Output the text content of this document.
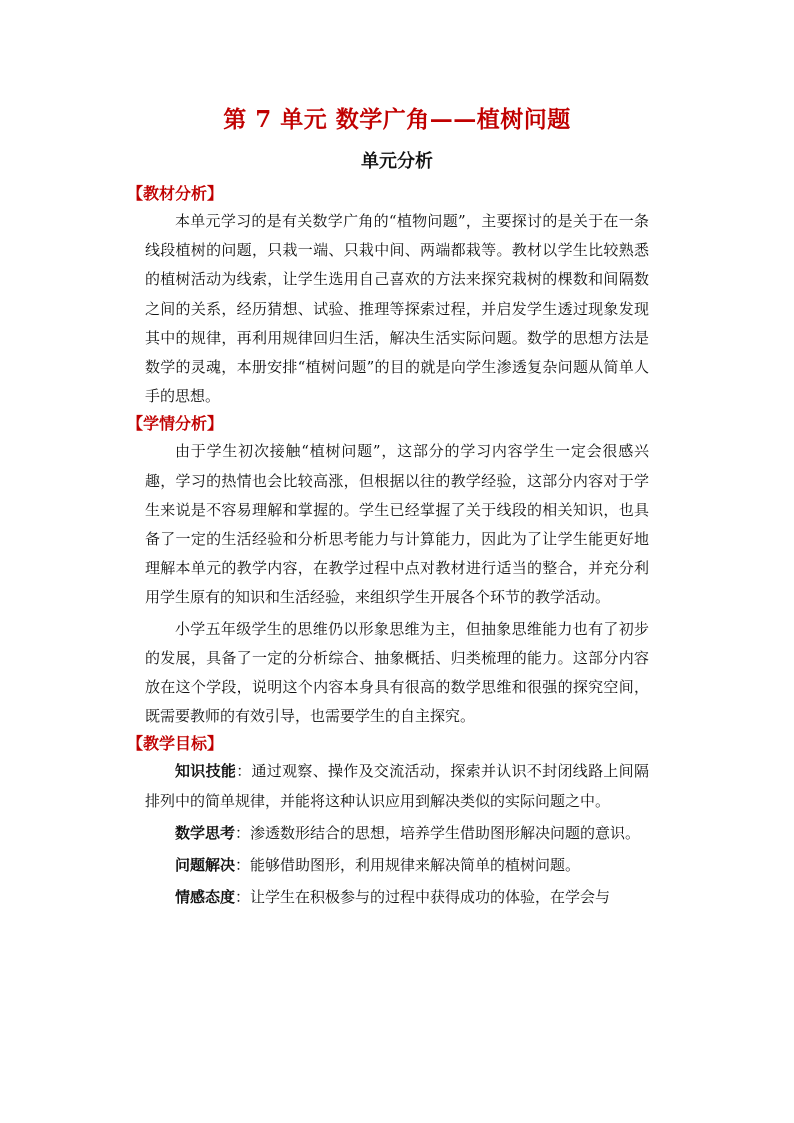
第 7 单元 数学广角——植树问题
单元分析
【教材分析】

本单元学习的是有关数学广角的“植物问题”，主要探讨的是关于在一条线段植树的问题，只栽一端、只栽中间、两端都栽等。教材以学生比较熟悉的植树活动为线索，让学生选用自己喜欢的方法来探究栽树的棵数和间隔数之间的关系，经历猜想、试验、推理等探索过程，并启发学生透过现象发现其中的规律，再利用规律回归生活，解决生活实际问题。数学的思想方法是数学的灵魂，本册安排“植树问题”的目的就是向学生渗透复杂问题从简单人手的思想。

【学情分析】

由于学生初次接触“植树问题”，这部分的学习内容学生一定会很感兴趣，学习的热情也会比较高涨，但根据以往的教学经验，这部分内容对于学生来说是不容易理解和掌握的。学生已经掌握了关于线段的相关知识，也具备了一定的生活经验和分析思考能力与计算能力，因此为了让学生能更好地理解本单元的教学内容，在教学过程中点对教材进行适当的整合，并充分利用学生原有的知识和生活经验，来组织学生开展各个环节的教学活动。

小学五年级学生的思维仍以形象思维为主，但抽象思维能力也有了初步的发展，具备了一定的分析综合、抽象概括、归类梳理的能力。这部分内容放在这个学段，说明这个内容本身具有很高的数学思维和很强的探究空间，既需要教师的有效引导，也需要学生的自主探究。

【教学目标】

知识技能：通过观察、操作及交流活动，探索并认识不封闭线路上间隔排列中的简单规律，并能将这种认识应用到解决类似的实际问题之中。

数学思考：渗透数形结合的思想，培养学生借助图形解决问题的意识。

问题解决：能够借助图形，利用规律来解决简单的植树问题。

情感态度：让学生在积极参与的过程中获得成功的体验，在学会与
